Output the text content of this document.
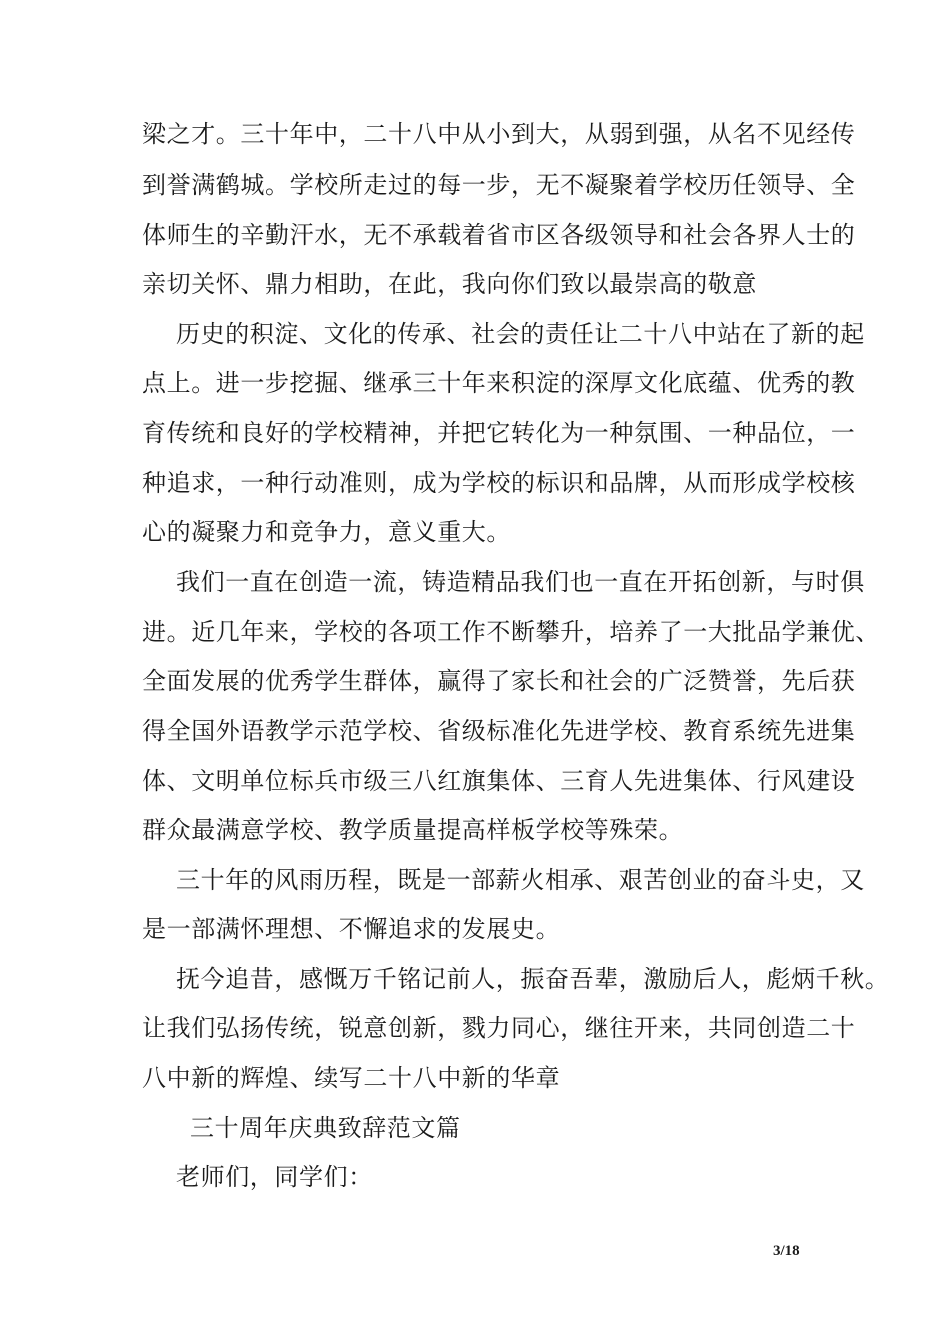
梁之才。三十年中，二十八中从小到大，从弱到强，从名不见经传
到誉满鹤城。学校所走过的每一步，无不凝聚着学校历任领导、全
体师生的辛勤汗水，无不承载着省市区各级领导和社会各界人士的
亲切关怀、鼎力相助，在此，我向你们致以最崇高的敬意
历史的积淀、文化的传承、社会的责任让二十八中站在了新的起
点上。进一步挖掘、继承三十年来积淀的深厚文化底蕴、优秀的教
育传统和良好的学校精神，并把它转化为一种氛围、一种品位，一
种追求，一种行动准则，成为学校的标识和品牌，从而形成学校核
心的凝聚力和竞争力，意义重大。
我们一直在创造一流，铸造精品我们也一直在开拓创新，与时俱
进。近几年来，学校的各项工作不断攀升，培养了一大批品学兼优、
全面发展的优秀学生群体，赢得了家长和社会的广泛赞誉，先后获
得全国外语教学示范学校、省级标准化先进学校、教育系统先进集
体、文明单位标兵市级三八红旗集体、三育人先进集体、行风建设
群众最满意学校、教学质量提高样板学校等殊荣。
三十年的风雨历程，既是一部薪火相承、艰苦创业的奋斗史，又
是一部满怀理想、不懈追求的发展史。
抚今追昔，感慨万千铭记前人，振奋吾辈，激励后人，彪炳千秋。
让我们弘扬传统，锐意创新，戮力同心，继往开来，共同创造二十
八中新的辉煌、续写二十八中新的华章
三十周年庆典致辞范文篇
老师们，同学们：
3/18
